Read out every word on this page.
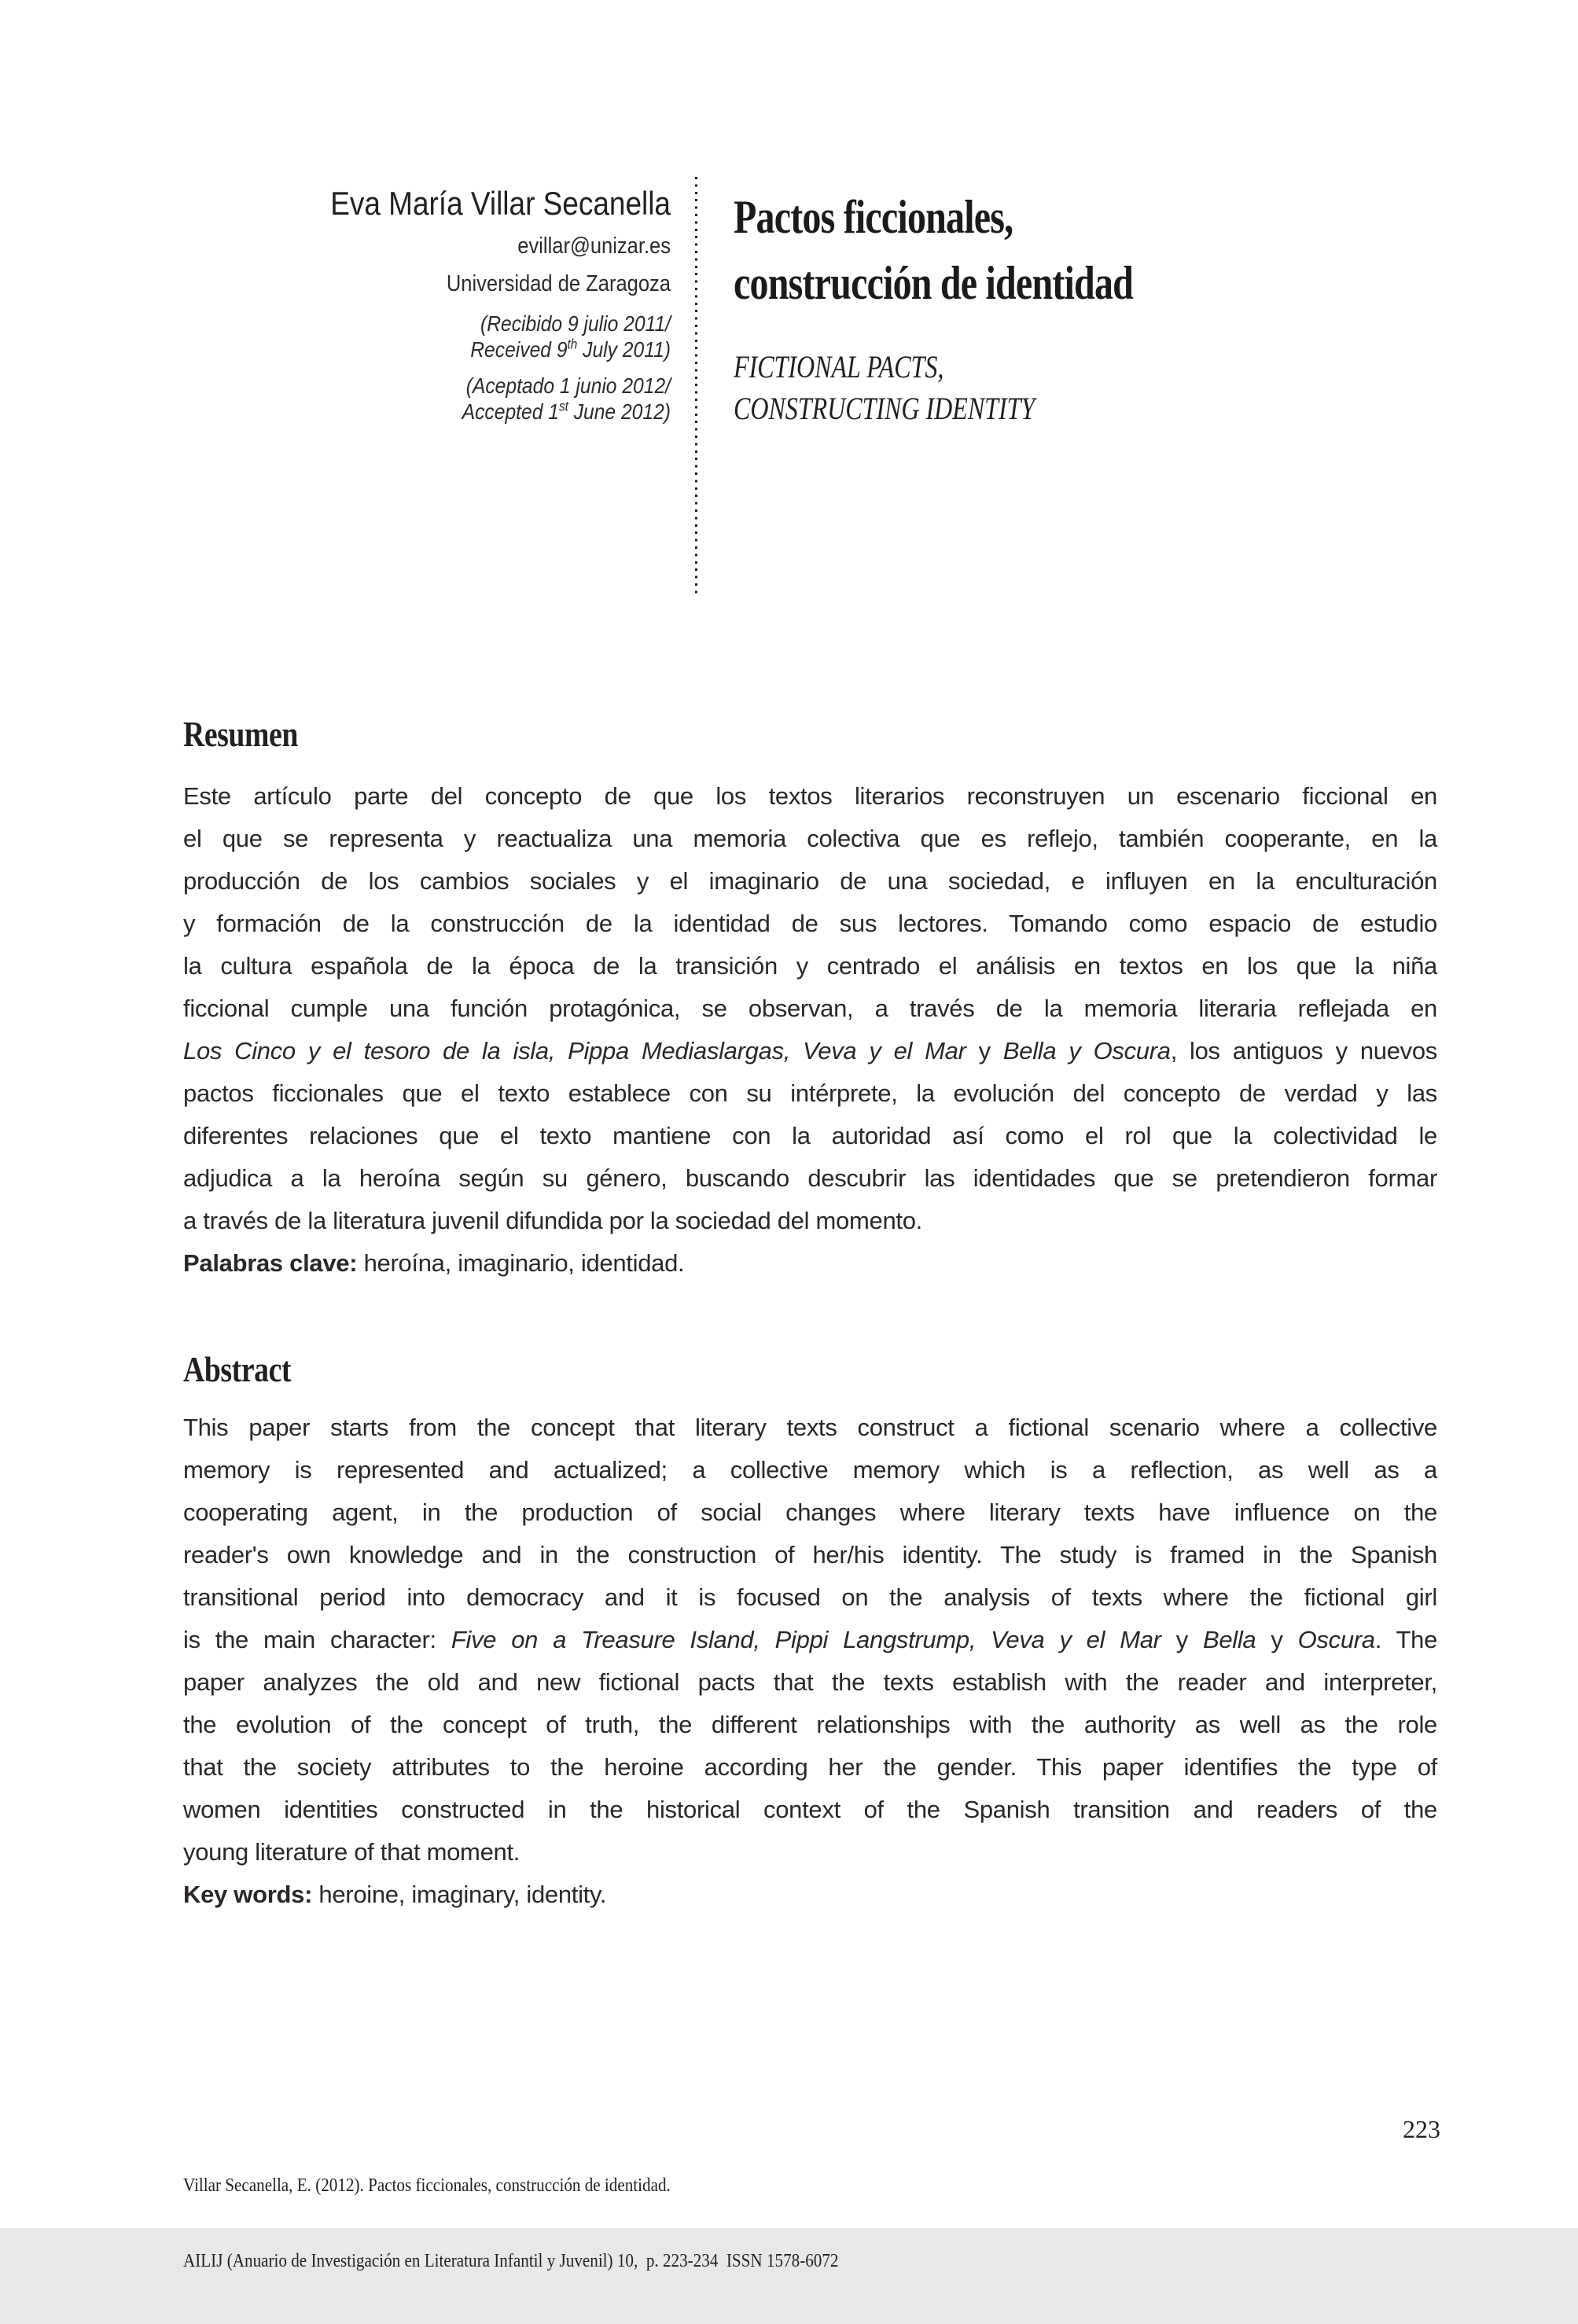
Eva María Villar Secanella
evillar@unizar.es
Universidad de Zaragoza
(Recibido 9 julio 2011/
Received 9th July 2011)
(Aceptado 1 junio 2012/
Accepted 1st June 2012)
Pactos ficcionales,
construcción de identidad
FICTIONAL PACTS,
CONSTRUCTING IDENTITY
Resumen
Este artículo parte del concepto de que los textos literarios reconstruyen un escenario ficcional en
el que se representa y reactualiza una memoria colectiva que es reflejo, también cooperante, en la
producción de los cambios sociales y el imaginario de una sociedad, e influyen en la enculturación
y formación de la construcción de la identidad de sus lectores. Tomando como espacio de estudio
la cultura española de la época de la transición y centrado el análisis en textos en los que la niña
ficcional cumple una función protagónica, se observan, a través de la memoria literaria reflejada en
Los Cinco y el tesoro de la isla, Pippa Mediaslargas, Veva y el Mar y Bella y Oscura, los antiguos y nuevos
pactos ficcionales que el texto establece con su intérprete, la evolución del concepto de verdad y las
diferentes relaciones que el texto mantiene con la autoridad así como el rol que la colectividad le
adjudica a la heroína según su género, buscando descubrir las identidades que se pretendieron formar
a través de la literatura juvenil difundida por la sociedad del momento.
Palabras clave: heroína, imaginario, identidad.
Abstract
This paper starts from the concept that literary texts construct a fictional scenario where a collective
memory is represented and actualized; a collective memory which is a reflection, as well as a
cooperating agent, in the production of social changes where literary texts have influence on the
reader's own knowledge and in the construction of her/his identity. The study is framed in the Spanish
transitional period into democracy and it is focused on the analysis of texts where the fictional girl
is the main character: Five on a Treasure Island, Pippi Langstrump, Veva y el Mar y Bella y Oscura. The
paper analyzes the old and new fictional pacts that the texts establish with the reader and interpreter,
the evolution of the concept of truth, the different relationships with the authority as well as the role
that the society attributes to the heroine according her the gender. This paper identifies the type of
women identities constructed in the historical context of the Spanish transition and readers of the
young literature of that moment.
Key words: heroine, imaginary, identity.

Villar Secanella, E. (2012). Pactos ficcionales, construcción de identidad.

AILIJ (Anuario de Investigación en Literatura Infantil y Juvenil) 10,  p. 223-234  ISSN 1578-6072

223
